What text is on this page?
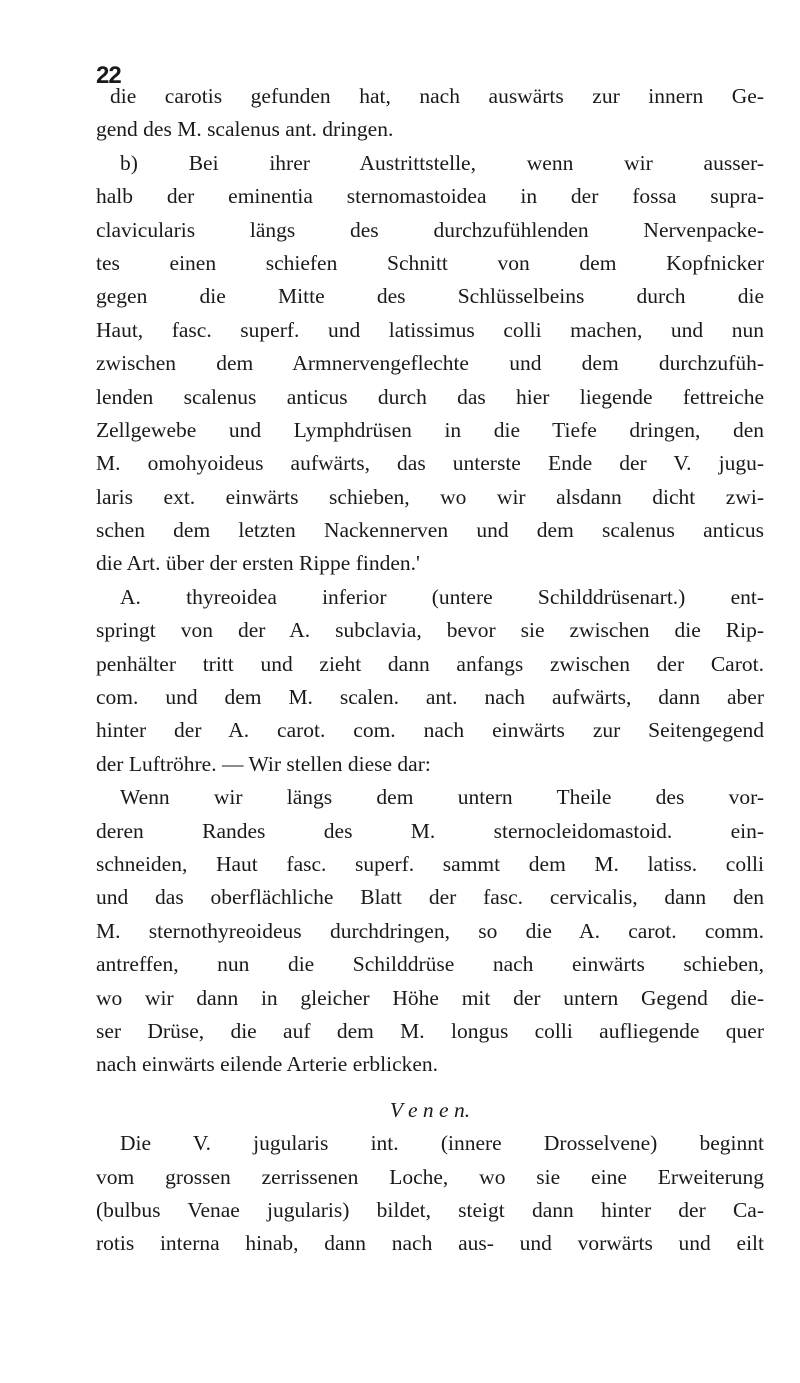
22
die carotis gefunden hat, nach auswärts zur innern Ge-
gend des M. scalenus ant. dringen.
b) Bei ihrer Austrittstelle, wenn wir ausser-
halb der eminentia sternomastoidea in der fossa supra-
clavicularis längs des durchzufühlenden Nervenpacke-
tes einen schiefen Schnitt von dem Kopfnicker
gegen die Mitte des Schlüsselbeins durch die
Haut, fasc. superf. und latissimus colli machen, und nun
zwischen dem Armnervengeflechte und dem durchzufüh-
lenden scalenus anticus durch das hier liegende fettreiche
Zellgewebe und Lymphdrüsen in die Tiefe dringen, den
M. omohyoideus aufwärts, das unterste Ende der V. jugu-
laris ext. einwärts schieben, wo wir alsdann dicht zwi-
schen dem letzten Nackennerven und dem scalenus anticus
die Art. über der ersten Rippe finden.'
A. thyreoidea inferior (untere Schilddrüsenart.) ent-
springt von der A. subclavia, bevor sie zwischen die Rip-
penhälter tritt und zieht dann anfangs zwischen der Carot.
com. und dem M. scalen. ant. nach aufwärts, dann aber
hinter der A. carot. com. nach einwärts zur Seitengegend
der Luftröhre. — Wir stellen diese dar:
Wenn wir längs dem untern Theile des vor-
deren Randes des M. sternocleidomastoid. ein-
schneiden, Haut fasc. superf. sammt dem M. latiss. colli
und das oberflächliche Blatt der fasc. cervicalis, dann den
M. sternothyreoideus durchdringen, so die A. carot. comm.
antreffen, nun die Schilddrüse nach einwärts schieben,
wo wir dann in gleicher Höhe mit der untern Gegend die-
ser Drüse, die auf dem M. longus colli aufliegende quer
nach einwärts eilende Arterie erblicken.
V e n e n.
Die V. jugularis int. (innere Drosselvene) beginnt
vom grossen zerrissenen Loche, wo sie eine Erweiterung
(bulbus Venae jugularis) bildet, steigt dann hinter der Ca-
rotis interna hinab, dann nach aus- und vorwärts und eilt
